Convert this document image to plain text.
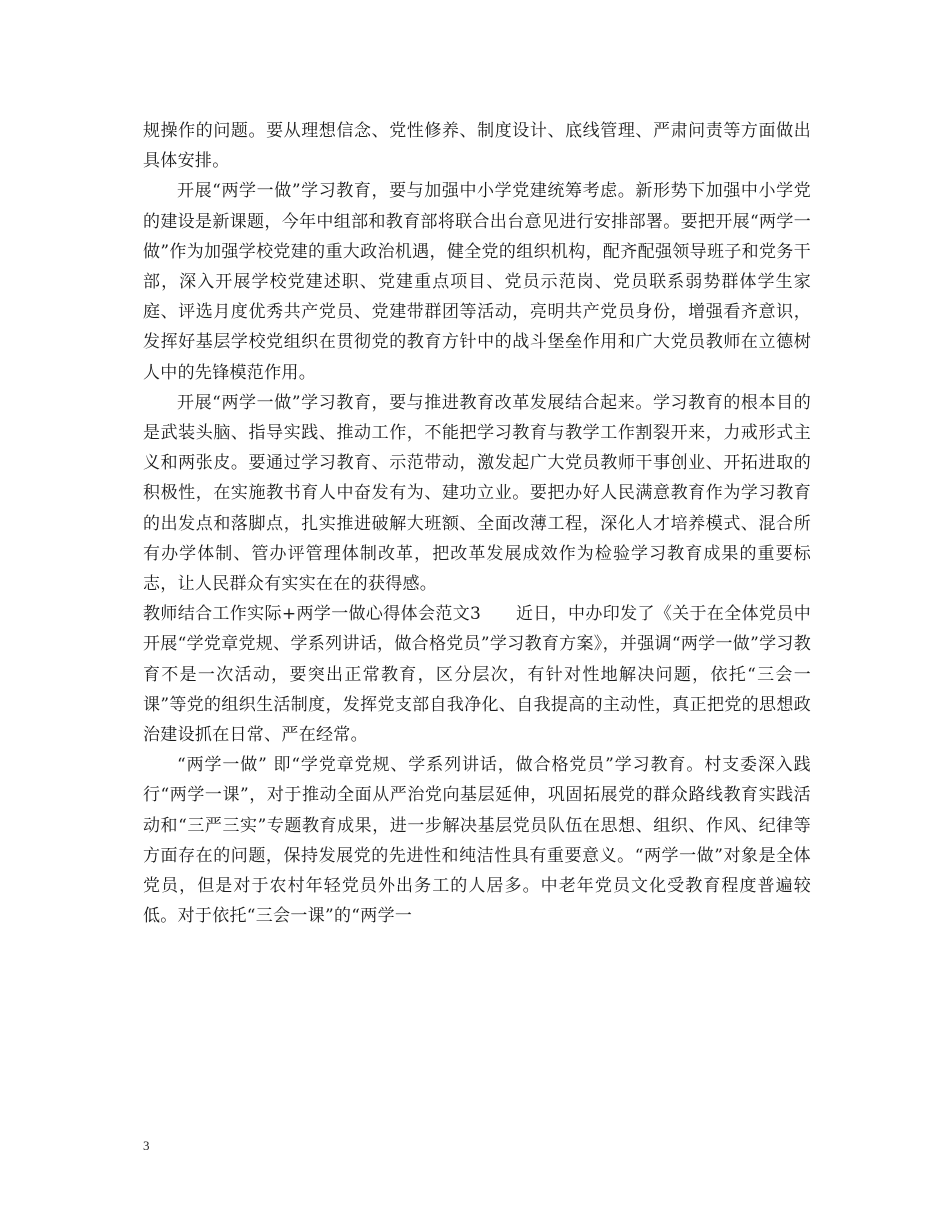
规操作的问题。要从理想信念、党性修养、制度设计、底线管理、严肃问责等方面做出具体安排。

开展“两学一做”学习教育，要与加强中小学党建统筹考虑。新形势下加强中小学党的建设是新课题，今年中组部和教育部将联合出台意见进行安排部署。要把开展“两学一做”作为加强学校党建的重大政治机遇，健全党的组织机构，配齐配强领导班子和党务干部，深入开展学校党建述职、党建重点项目、党员示范岗、党员联系弱势群体学生家庭、评选月度优秀共产党员、党建带群团等活动，亮明共产党员身份，增强看齐意识，发挥好基层学校党组织在贯彻党的教育方针中的战斗堡垒作用和广大党员教师在立德树人中的先锋模范作用。

开展“两学一做”学习教育，要与推进教育改革发展结合起来。学习教育的根本目的是武装头脑、指导实践、推动工作，不能把学习教育与教学工作割裂开来，力戒形式主义和两张皮。要通过学习教育、示范带动，激发起广大党员教师干事创业、开拓进取的积极性，在实施教书育人中奋发有为、建功立业。要把办好人民满意教育作为学习教育的出发点和落脚点，扎实推进破解大班额、全面改薄工程，深化人才培养模式、混合所有办学体制、管办评管理体制改革，把改革发展成效作为检验学习教育成果的重要标志，让人民群众有实实在在的获得感。

教师结合工作实际+两学一做心得体会范文3　　近日，中办印发了《关于在全体党员中开展“学党章党规、学系列讲话，做合格党员”学习教育方案》，并强调“两学一做”学习教育不是一次活动，要突出正常教育，区分层次，有针对性地解决问题，依托“三会一课”等党的组织生活制度，发挥党支部自我净化、自我提高的主动性，真正把党的思想政治建设抓在日常、严在经常。

“两学一做” 即“学党章党规、学系列讲话，做合格党员”学习教育。村支委深入践行“两学一课”，对于推动全面从严治党向基层延伸，巩固拓展党的群众路线教育实践活动和“三严三实”专题教育成果，进一步解决基层党员队伍在思想、组织、作风、纪律等方面存在的问题，保持发展党的先进性和纯洁性具有重要意义。“两学一做”对象是全体党员，但是对于农村年轻党员外出务工的人居多。中老年党员文化受教育程度普遍较低。对于依托“三会一课”的“两学一

3
